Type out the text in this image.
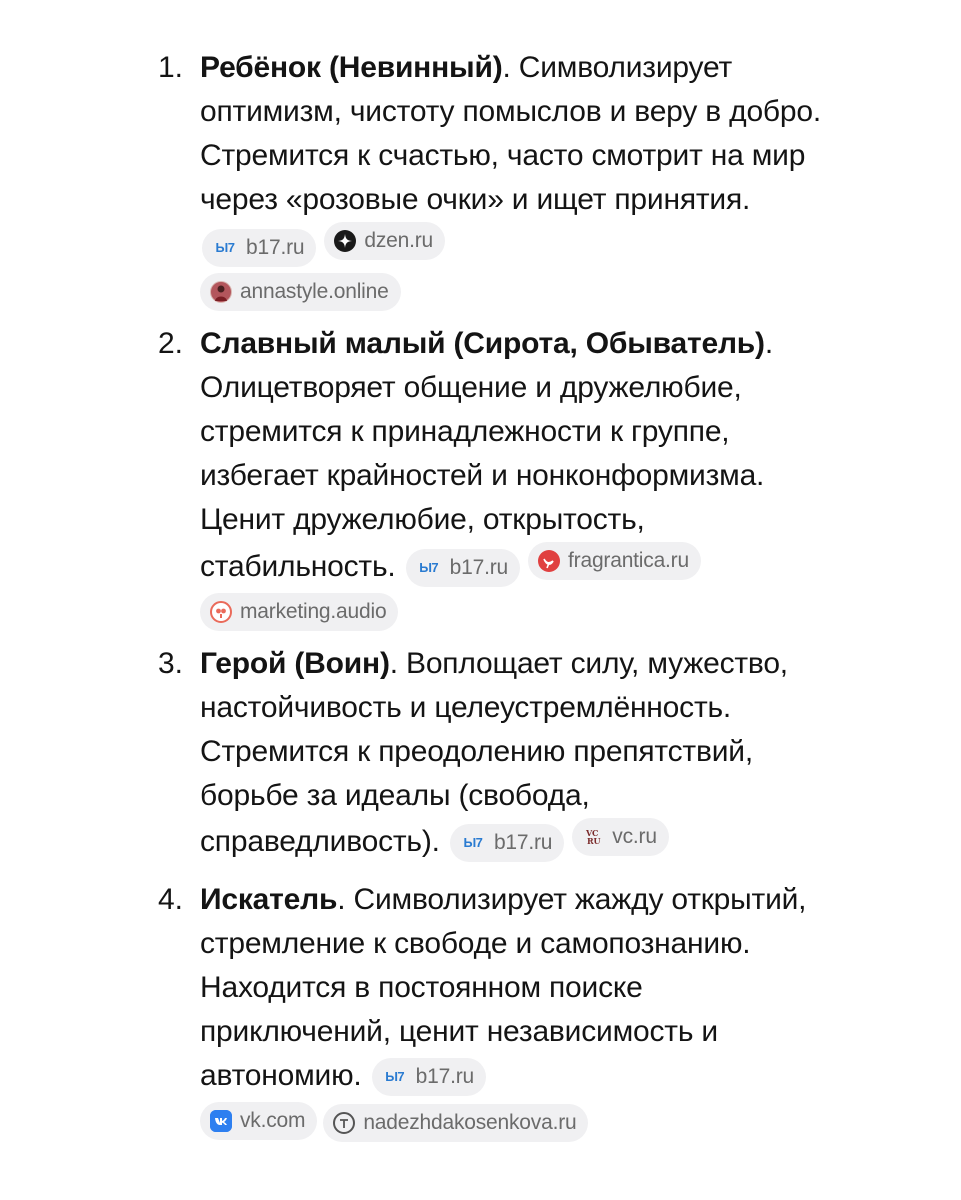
1. Ребёнок (Невинный). Символизирует оптимизм, чистоту помыслов и веру в добро. Стремится к счастью, часто смотрит на мир через «розовые очки» и ищет принятия.
Ы7 b17.ru	dzen.ru
annastyle.online
2. Славный малый (Сирота, Обыватель). Олицетворяет общение и дружелюбие, стремится к принадлежности к группе, избегает крайностей и нонконформизма. Ценит дружелюбие, открытость, стабильность. Ы7 b17.ru	fragrantica.ru
marketing.audio
3. Герой (Воин). Воплощает силу, мужество, настойчивость и целеустремлённость. Стремится к преодолению препятствий, борьбе за идеалы (свобода, справедливость). Ы7 b17.ru	VC
RU vc.ru
4. Искатель. Символизирует жажду открытий, стремление к свободе и самопознанию. Находится в постоянном поиске приключений, ценит независимость и автономию. Ы7 b17.ru
vk.com	nadezhdakosenkova.ru
